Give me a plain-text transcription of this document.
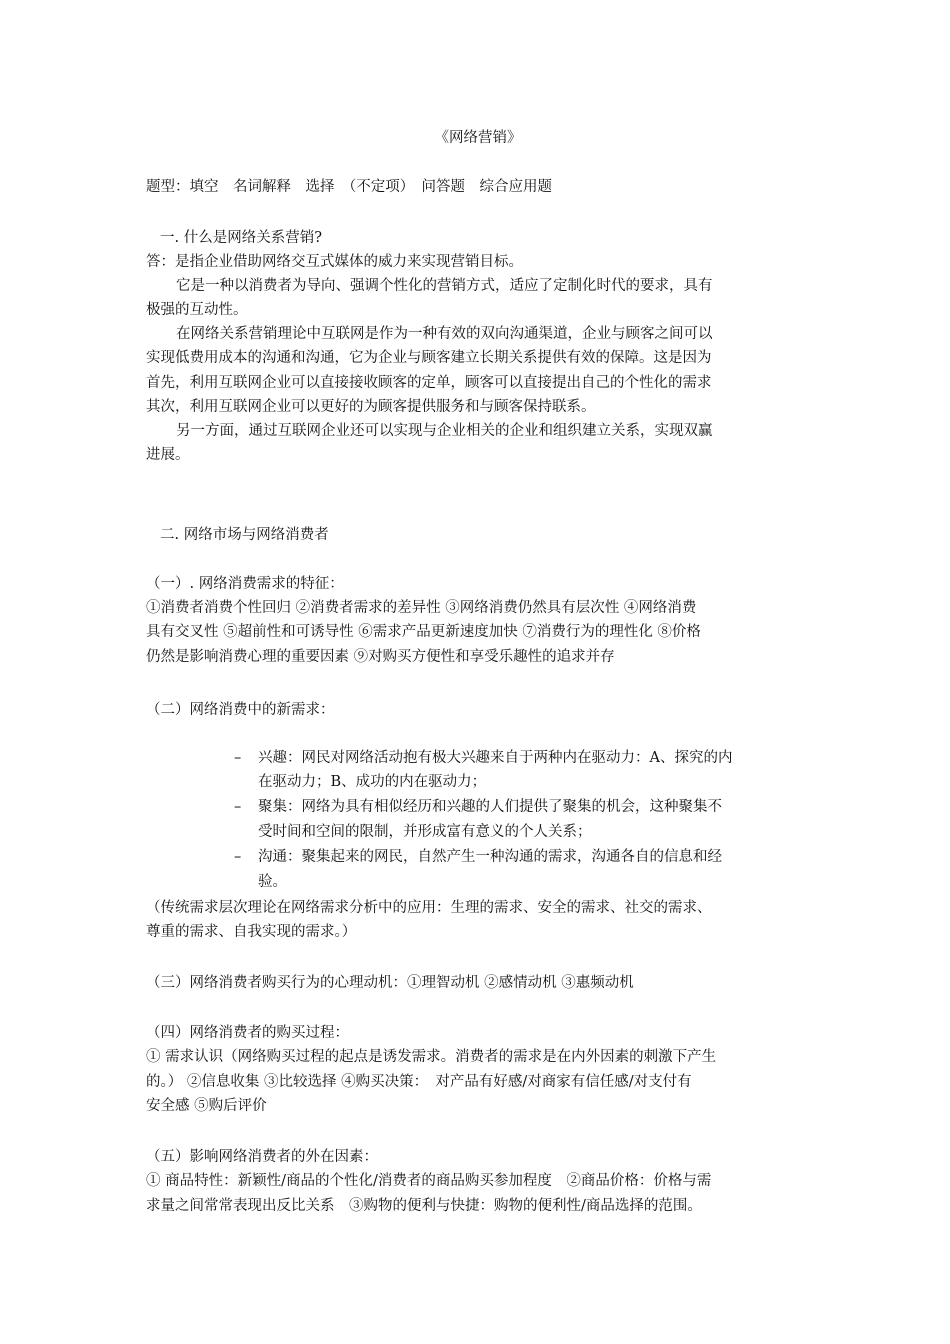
《网络营销》
题型：填空　名词解释　选择　（不定项）　问答题　综合应用题
一. 什么是网络关系营销?
答：是指企业借助网络交互式媒体的威力来实现营销目标。
它是一种以消费者为导向、强调个性化的营销方式，适应了定制化时代的要求，具有
极强的互动性。
在网络关系营销理论中互联网是作为一种有效的双向沟通渠道，企业与顾客之间可以
实现低费用成本的沟通和沟通，它为企业与顾客建立长期关系提供有效的保障。这是因为
首先，利用互联网企业可以直接接收顾客的定单，顾客可以直接提出自己的个性化的需求
其次，利用互联网企业可以更好的为顾客提供服务和与顾客保持联系。
另一方面，通过互联网企业还可以实现与企业相关的企业和组织建立关系，实现双赢
进展。
二. 网络市场与网络消费者
（一）. 网络消费需求的特征：
①消费者消费个性回归 ②消费者需求的差异性 ③网络消费仍然具有层次性 ④网络消费
具有交叉性 ⑤超前性和可诱导性 ⑥需求产品更新速度加快 ⑦消费行为的理性化 ⑧价格
仍然是影响消费心理的重要因素 ⑨对购买方便性和享受乐趣性的追求并存
（二）网络消费中的新需求：
– 兴趣：网民对网络活动抱有极大兴趣来自于两种内在驱动力：A、探究的内
在驱动力；B、成功的内在驱动力；
– 聚集：网络为具有相似经历和兴趣的人们提供了聚集的机会，这种聚集不
受时间和空间的限制，并形成富有意义的个人关系；
– 沟通：聚集起来的网民，自然产生一种沟通的需求，沟通各自的信息和经
验。
（传统需求层次理论在网络需求分析中的应用：生理的需求、安全的需求、社交的需求、
尊重的需求、自我实现的需求。）
（三）网络消费者购买行为的心理动机：①理智动机 ②感情动机 ③惠频动机
（四）网络消费者的购买过程：
① 需求认识（网络购买过程的起点是诱发需求。消费者的需求是在内外因素的刺激下产生
的。） ②信息收集 ③比较选择 ④购买决策：　对产品有好感/对商家有信任感/对支付有
安全感 ⑤购后评价
（五）影响网络消费者的外在因素：
① 商品特性：新颖性/商品的个性化/消费者的商品购买参加程度　②商品价格：价格与需
求量之间常常表现出反比关系　③购物的便利与快捷：购物的便利性/商品选择的范围。
